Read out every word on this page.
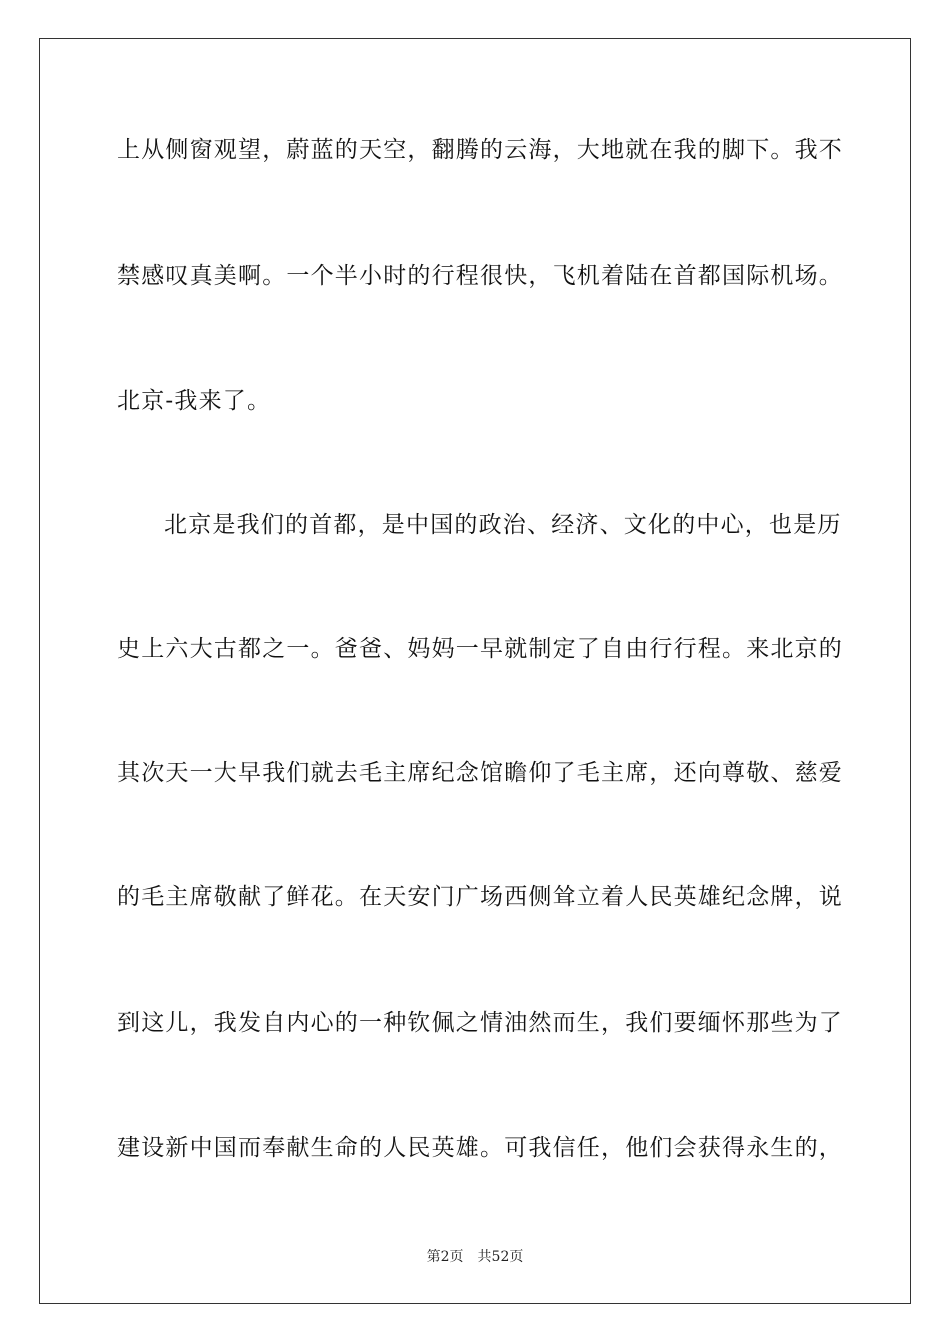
上从侧窗观望，蔚蓝的天空，翻腾的云海，大地就在我的脚下。我不
禁感叹真美啊。一个半小时的行程很快，飞机着陆在首都国际机场。
北京-我来了。
北京是我们的首都，是中国的政治、经济、文化的中心，也是历
史上六大古都之一。爸爸、妈妈一早就制定了自由行行程。来北京的
其次天一大早我们就去毛主席纪念馆瞻仰了毛主席，还向尊敬、慈爱
的毛主席敬献了鲜花。在天安门广场西侧耸立着人民英雄纪念牌，说
到这儿，我发自内心的一种钦佩之情油然而生，我们要缅怀那些为了
建设新中国而奉献生命的人民英雄。可我信任，他们会获得永生的，
第2页 共52页
